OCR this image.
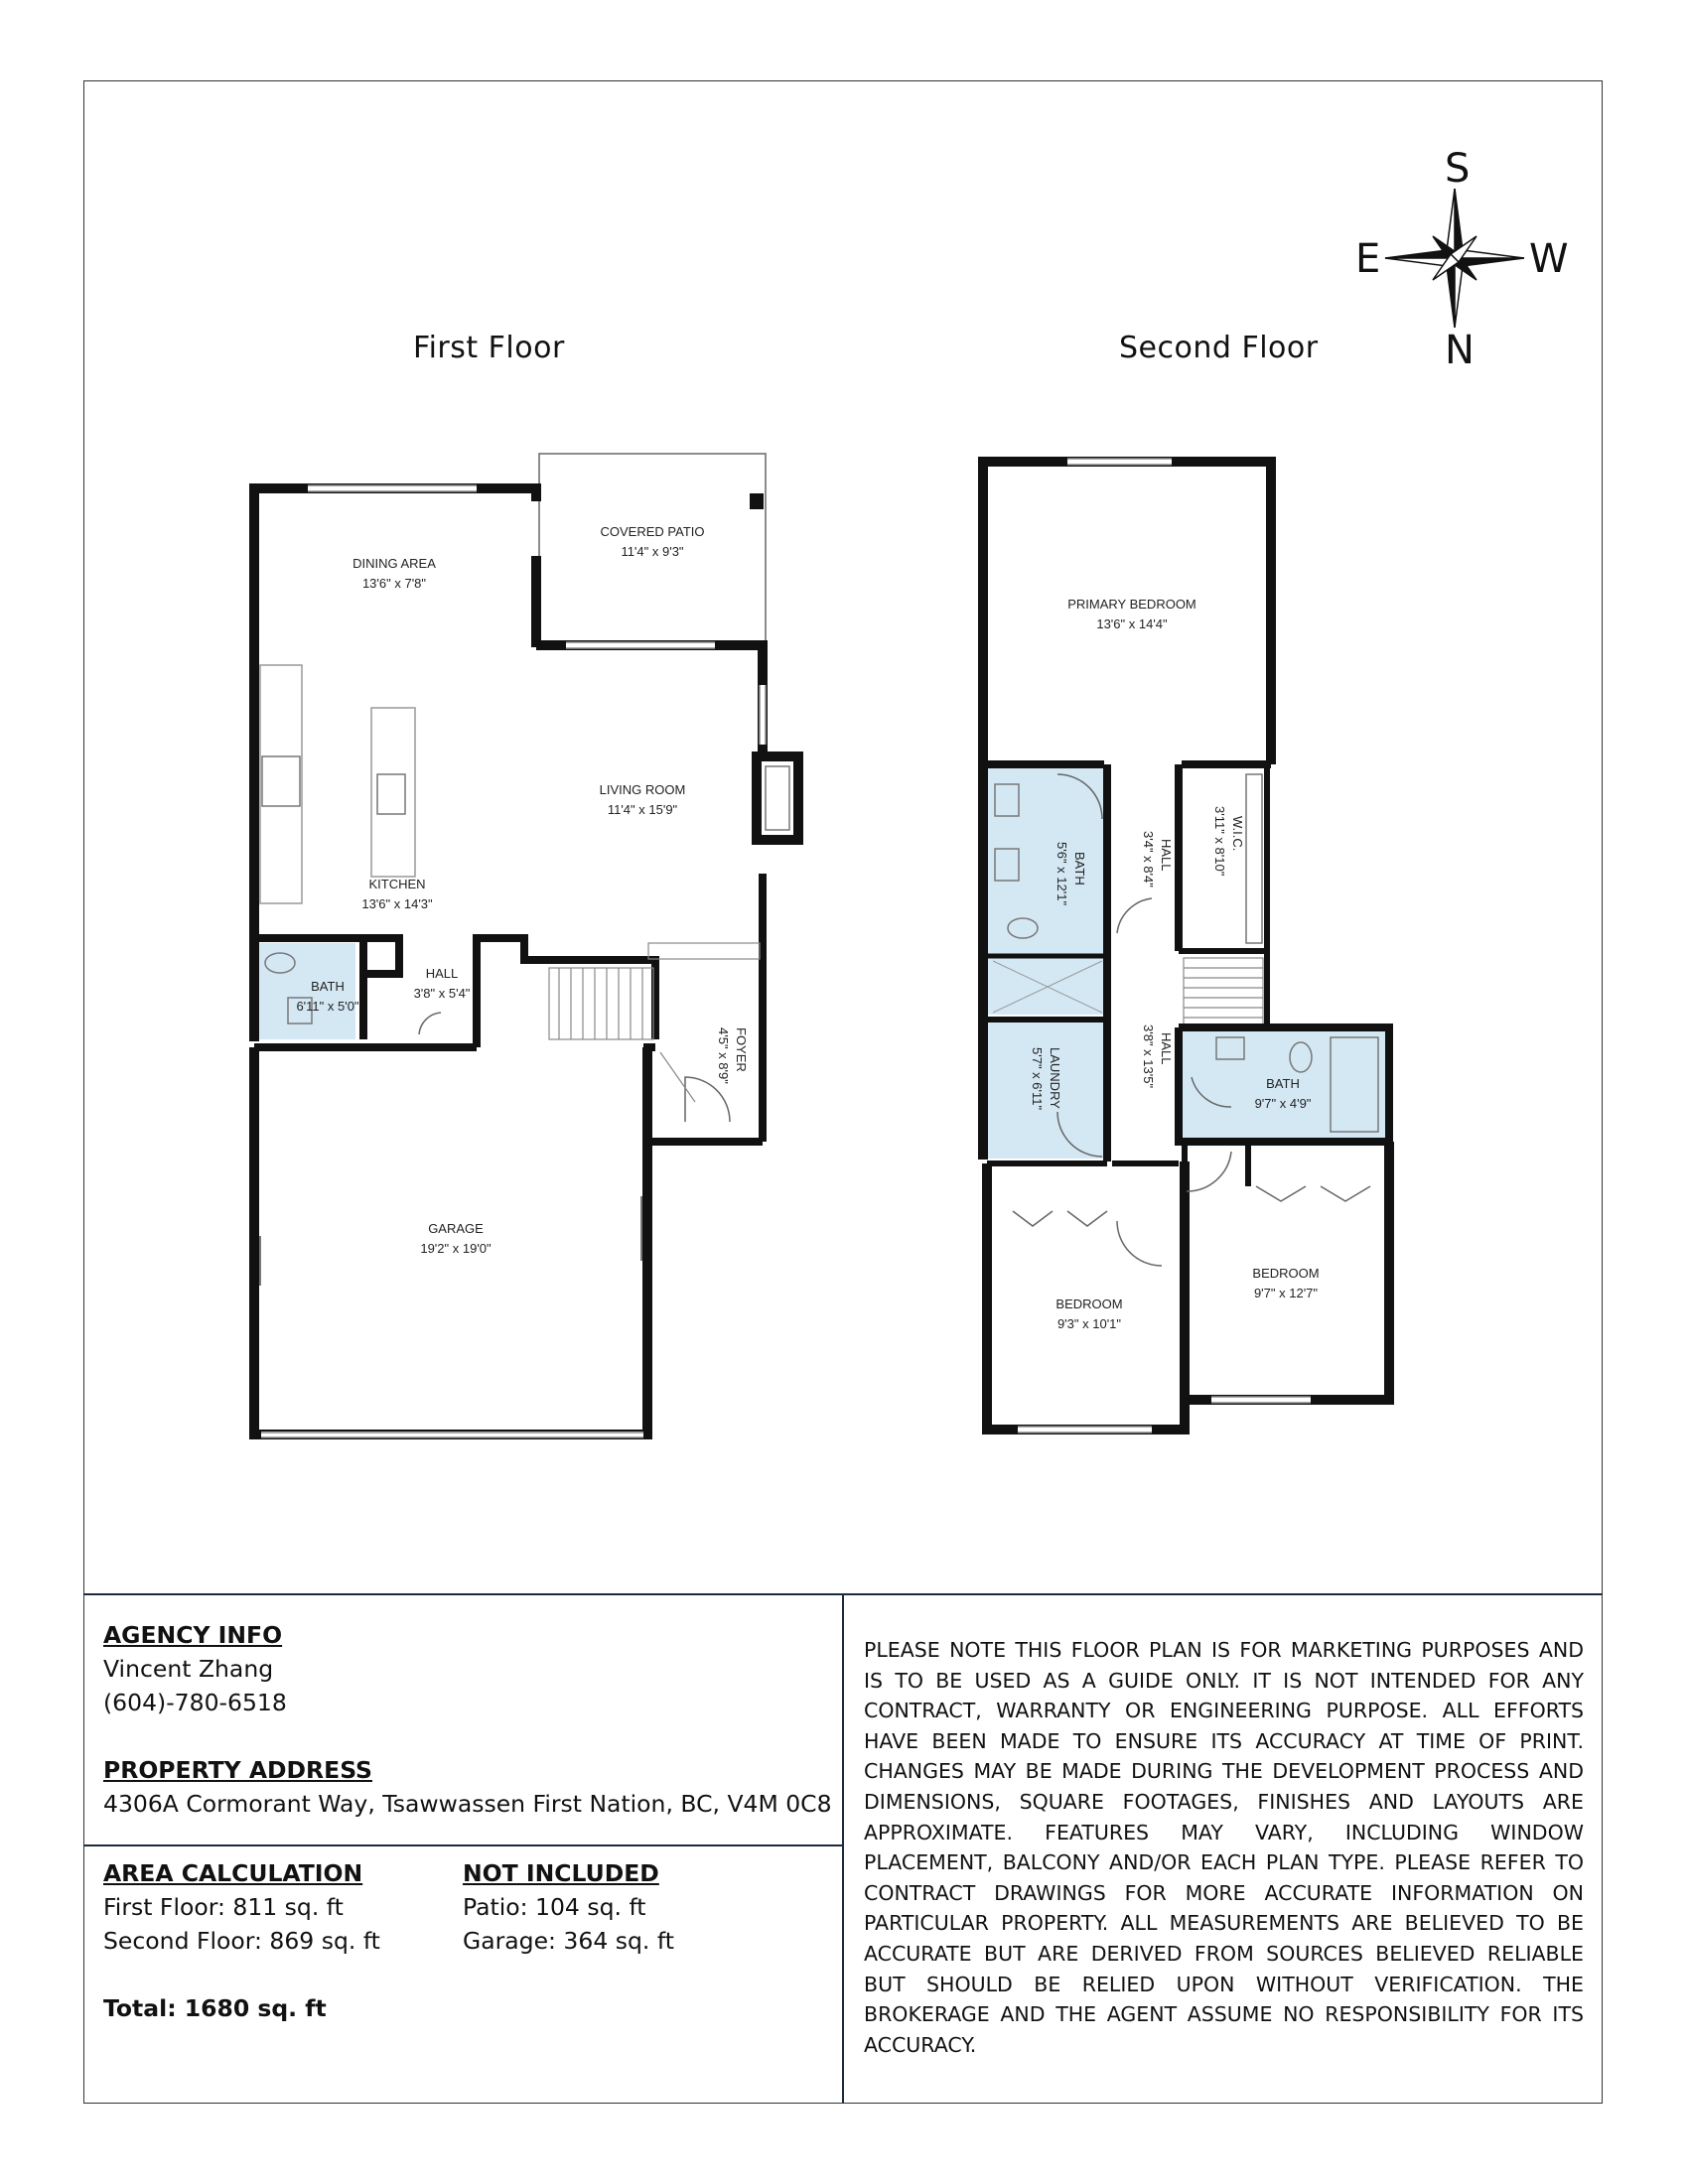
First Floor	Second Floor
S
E	W
N
COVERED PATIO
11'4" x 9'3"
DINING AREA
13'6" x 7'8"
LIVING ROOM
11'4" x 15'9"
KITCHEN
13'6" x 14'3"
BATH
6'11" x 5'0"
HALL
3'8" x 5'4"
GARAGE
19'2" x 19'0"
FOYER
4'5" x 8'9"
PRIMARY BEDROOM
13'6" x 14'4"
BATH
9'7" x 4'9"
BEDROOM
9'3" x 10'1"
BEDROOM
9'7" x 12'7"
BATH
5'6" x 12'1"	HALL
3'4" x 8'4"	W.I.C.
3'11" x 8'10"
LAUNDRY
5'7" x 6'11"	HALL
3'8" x 13'5"
AGENCY INFO
Vincent Zhang
(604)-780-6518
PROPERTY ADDRESS
4306A Cormorant Way, Tsawwassen First Nation, BC, V4M 0C8
AREA CALCULATION
First Floor: 811 sq. ft
Second Floor: 869 sq. ft
Total: 1680 sq. ft
NOT INCLUDED
Patio: 104 sq. ft
Garage: 364 sq. ft
PLEASE NOTE THIS FLOOR PLAN IS FOR MARKETING PURPOSES AND IS TO BE USED AS A GUIDE ONLY. IT IS NOT INTENDED FOR ANY CONTRACT, WARRANTY OR ENGINEERING PURPOSE. ALL EFFORTS HAVE BEEN MADE TO ENSURE ITS ACCURACY AT TIME OF PRINT. CHANGES MAY BE MADE DURING THE DEVELOPMENT PROCESS AND DIMENSIONS, SQUARE FOOTAGES, FINISHES AND LAYOUTS ARE APPROXIMATE. FEATURES MAY VARY, INCLUDING WINDOW PLACEMENT, BALCONY AND/OR EACH PLAN TYPE. PLEASE REFER TO CONTRACT DRAWINGS FOR MORE ACCURATE INFORMATION ON PARTICULAR PROPERTY. ALL MEASUREMENTS ARE BELIEVED TO BE ACCURATE BUT ARE DERIVED FROM SOURCES BELIEVED RELIABLE BUT SHOULD BE RELIED UPON WITHOUT VERIFICATION. THE BROKERAGE AND THE AGENT ASSUME NO RESPONSIBILITY FOR ITS ACCURACY.
